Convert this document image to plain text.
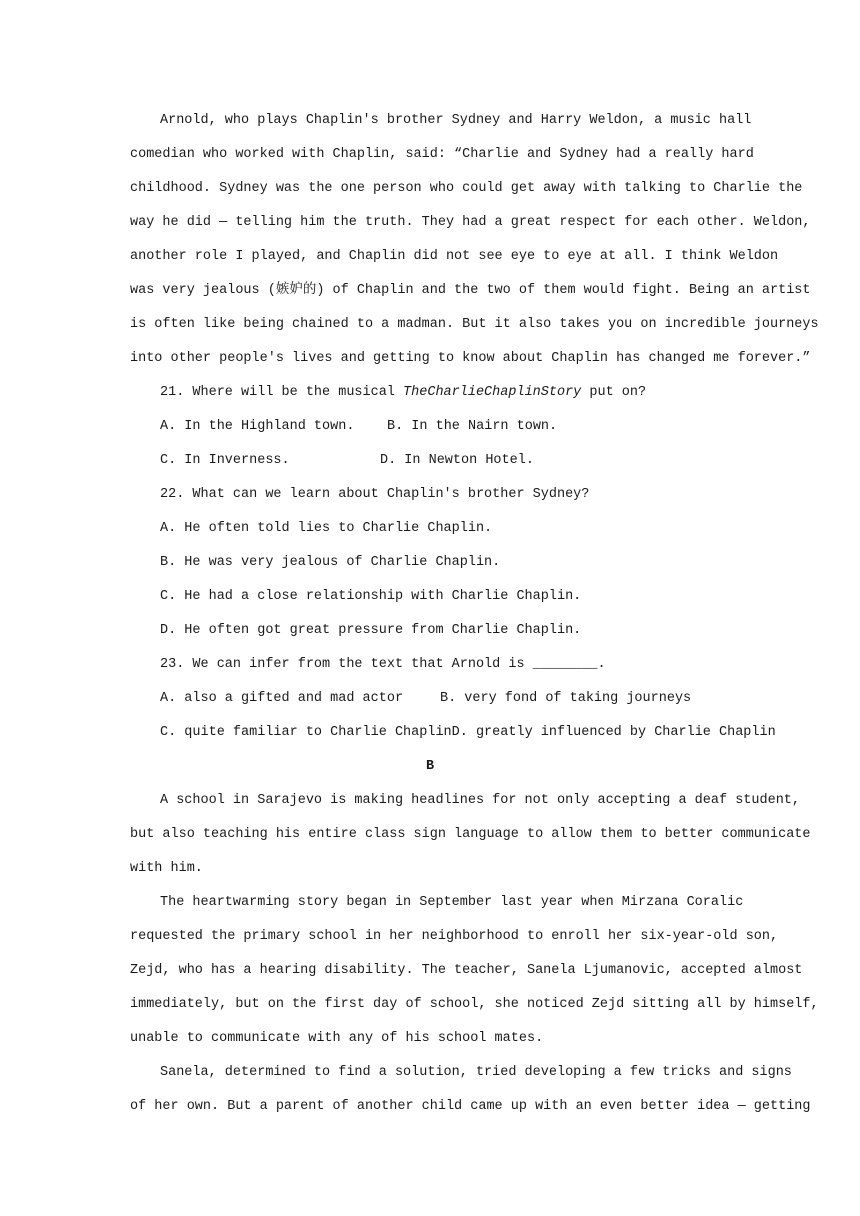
Arnold, who plays Chaplin's brother Sydney and Harry Weldon, a music hall
comedian who worked with Chaplin, said: “Charlie and Sydney had a really hard
childhood. Sydney was the one person who could get away with talking to Charlie the
way he did — telling him the truth. They had a great respect for each other. Weldon,
another role I played, and Chaplin did not see eye to eye at all. I think Weldon
was very jealous (嫉妒的) of Chaplin and the two of them would fight. Being an artist
is often like being chained to a madman. But it also takes you on incredible journeys
into other people's lives and getting to know about Chaplin has changed me forever.”
21. Where will be the musical TheCharlieChaplinStory put on?
A. In the Highland town.	B. In the Nairn town.
C. In Inverness.	D. In Newton Hotel.
22. What can we learn about Chaplin's brother Sydney?
A. He often told lies to Charlie Chaplin.
B. He was very jealous of Charlie Chaplin.
C. He had a close relationship with Charlie Chaplin.
D. He often got great pressure from Charlie Chaplin.
23. We can infer from the text that Arnold is ________.
A. also a gifted and mad actor	B. very fond of taking journeys
C. quite familiar to Charlie Chaplin D. greatly influenced by Charlie Chaplin
B
A school in Sarajevo is making headlines for not only accepting a deaf student,
but also teaching his entire class sign language to allow them to better communicate
with him.
The heartwarming story began in September last year when Mirzana Coralic
requested the primary school in her neighborhood to enroll her six-year-old son,
Zejd, who has a hearing disability. The teacher, Sanela Ljumanovic, accepted almost
immediately, but on the first day of school, she noticed Zejd sitting all by himself,
unable to communicate with any of his school mates.
Sanela, determined to find a solution, tried developing a few tricks and signs
of her own. But a parent of another child came up with an even better idea — getting
